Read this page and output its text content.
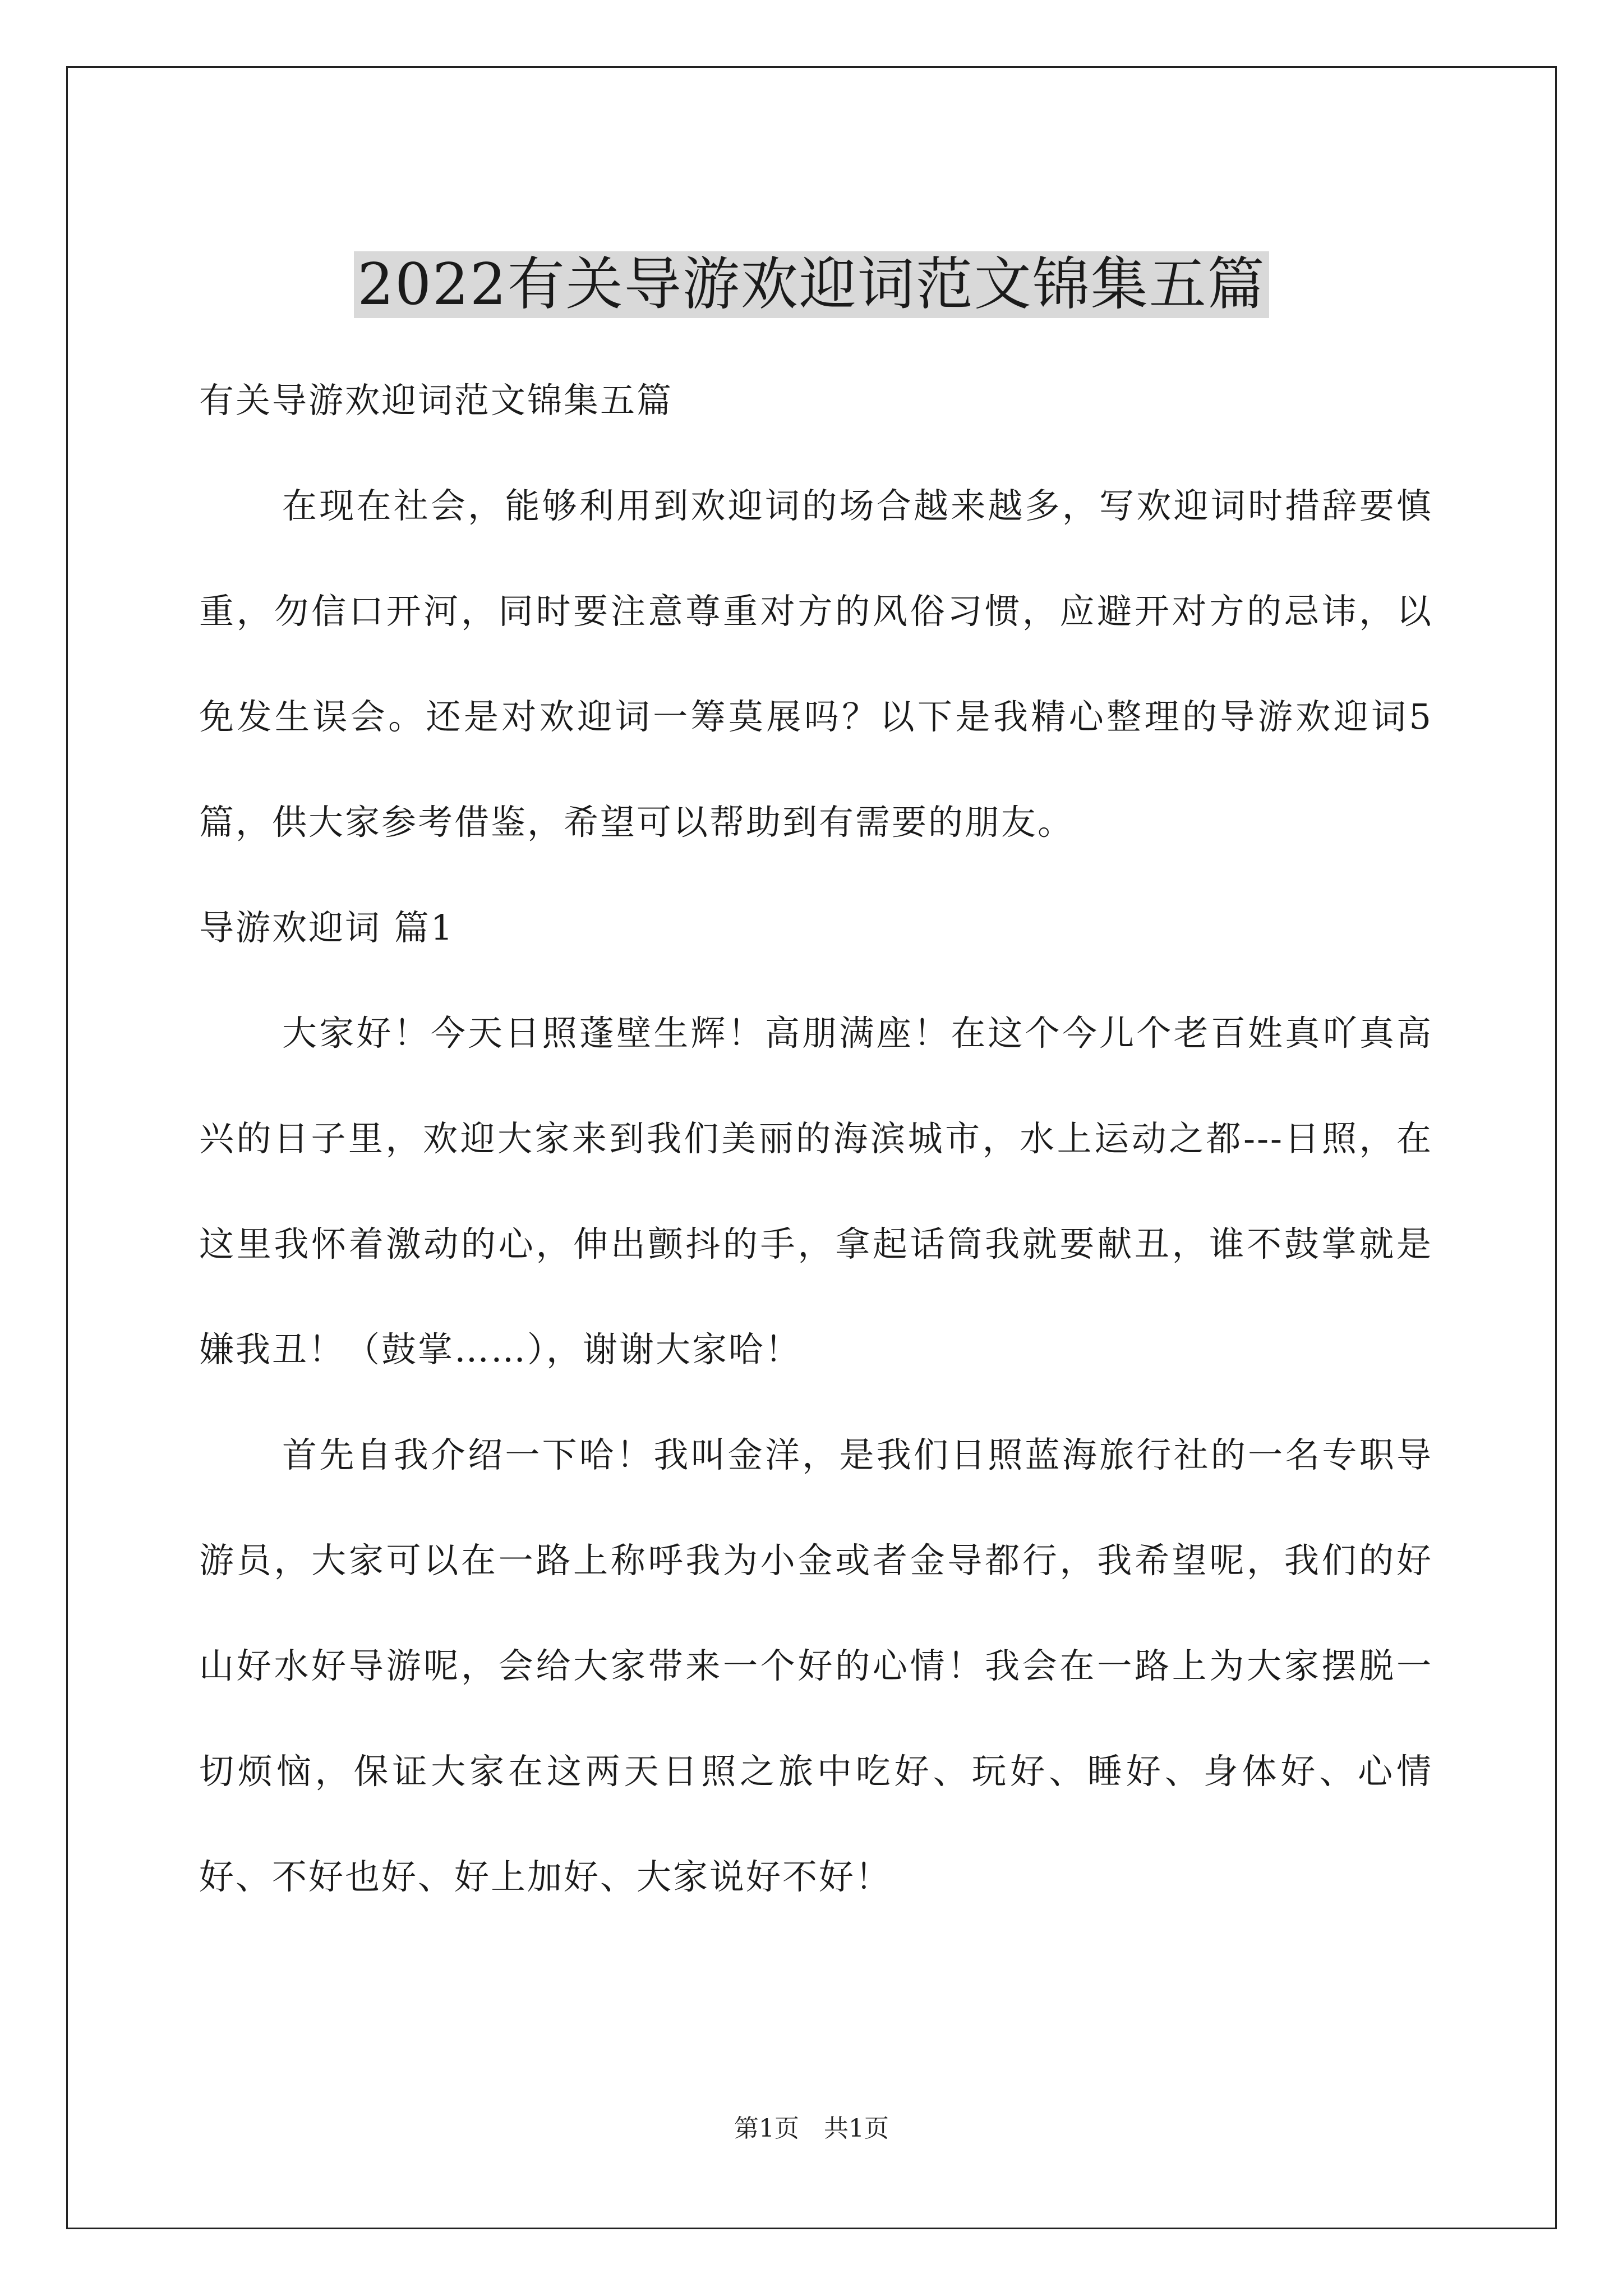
2022有关导游欢迎词范文锦集五篇

有关导游欢迎词范文锦集五篇

在现在社会，能够利用到欢迎词的场合越来越多，写欢迎词时措辞要慎重，勿信口开河，同时要注意尊重对方的风俗习惯，应避开对方的忌讳，以免发生误会。还是对欢迎词一筹莫展吗？以下是我精心整理的导游欢迎词5篇，供大家参考借鉴，希望可以帮助到有需要的朋友。

导游欢迎词 篇1

大家好！今天日照蓬壁生辉！高朋满座！在这个今儿个老百姓真吖真高兴的日子里，欢迎大家来到我们美丽的海滨城市，水上运动之都---日照，在这里我怀着激动的心，伸出颤抖的手，拿起话筒我就要献丑，谁不鼓掌就是嫌我丑！（鼓掌……），谢谢大家哈！

首先自我介绍一下哈！我叫金洋，是我们日照蓝海旅行社的一名专职导游员，大家可以在一路上称呼我为小金或者金导都行，我希望呢，我们的好山好水好导游呢，会给大家带来一个好的心情！我会在一路上为大家摆脱一切烦恼，保证大家在这两天日照之旅中吃好、玩好、睡好、身体好、心情好、不好也好、好上加好、大家说好不好！

第1页　共1页
